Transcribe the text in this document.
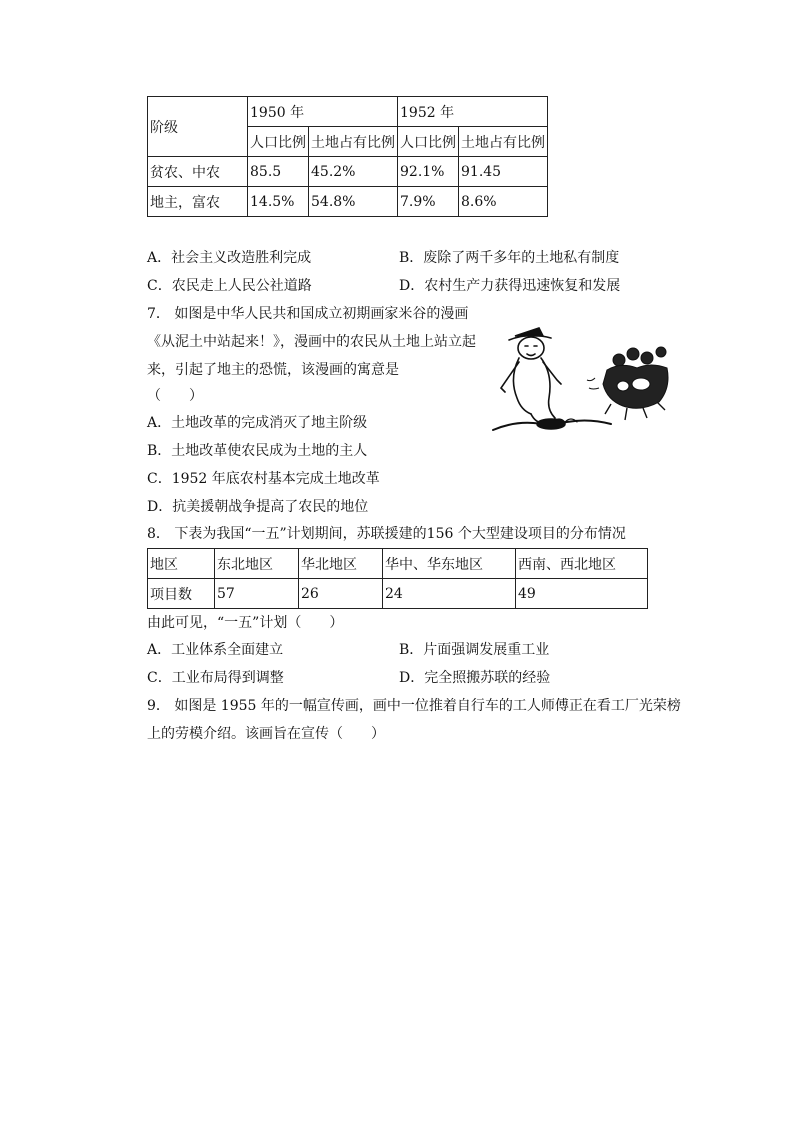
阶级	1950 年		1952 年	
	人口比例	土地占有比例	人口比例	土地占有比例
贫农、中农	85.5	45.2%	92.1%	91.45
地主，富农	14.5%	54.8%	7.9%	8.6%
A．社会主义改造胜利完成	B．废除了两千多年的土地私有制度
C．农民走上人民公社道路	D．农村生产力获得迅速恢复和发展
7． 如图是中华人民共和国成立初期画家米谷的漫画
《从泥土中站起来！》，漫画中的农民从土地上站立起
来，引起了地主的恐慌，该漫画的寓意是
（　　）
A．土地改革的完成消灭了地主阶级
B．土地改革使农民成为土地的主人
C．1952 年底农村基本完成土地改革
D．抗美援朝战争提高了农民的地位
8． 下表为我国“一五”计划期间，苏联援建的156 个大型建设项目的分布情况
地区	东北地区	华北地区	华中、华东地区	西南、西北地区
项目数	57	26	24	49
由此可见，“一五”计划（　　）
A．工业体系全面建立	B．片面强调发展重工业
C．工业布局得到调整	D．完全照搬苏联的经验
9． 如图是 1955 年的一幅宣传画，画中一位推着自行车的工人师傅正在看工厂光荣榜
上的劳模介绍。该画旨在宣传（　　）
